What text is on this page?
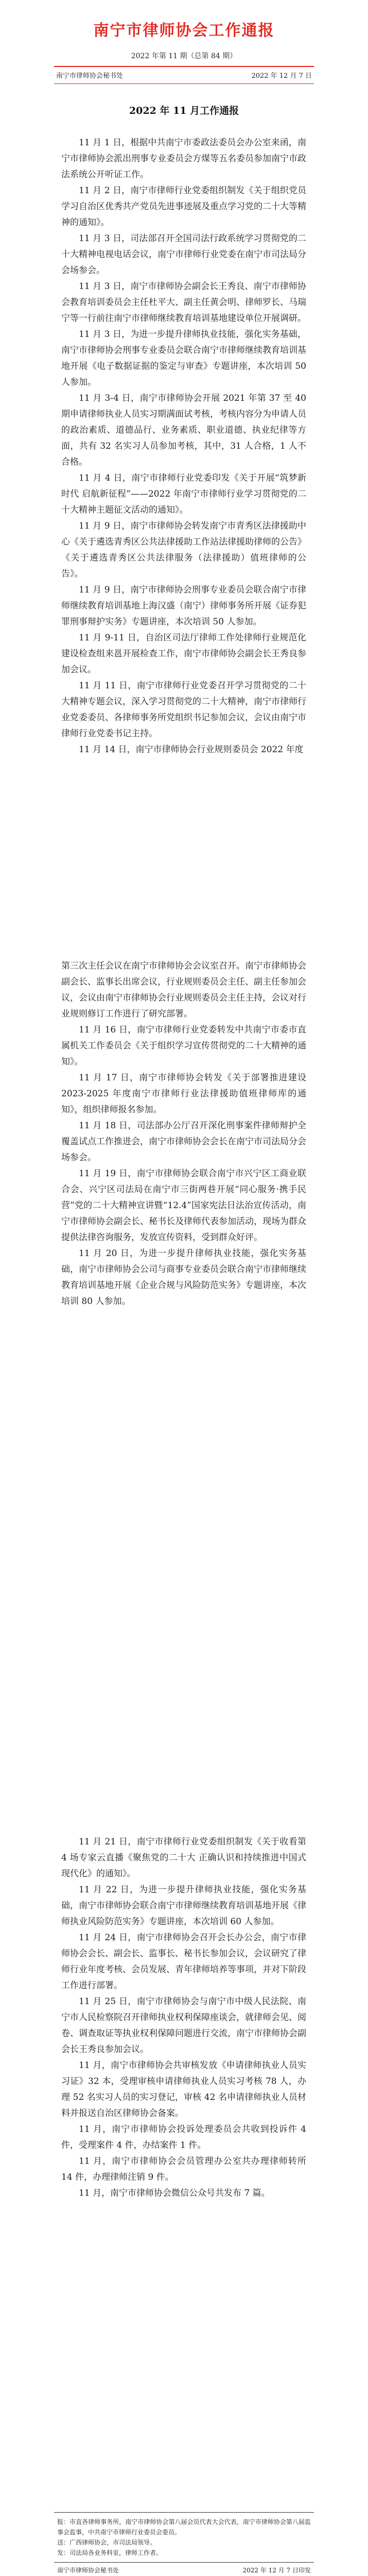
南宁市律师协会工作通报
2022 年第 11 期（总第 84 期）
南宁市律师协会秘书处	2022 年 12 月 7 日
2022 年 11 月工作通报

11 月 1 日，根据中共南宁市委政法委员会办公室来函，南宁市律师协会派出刑事专业委员会方煤等五名委员参加南宁市政法系统公开听证工作。

11 月 2 日，南宁市律师行业党委组织制发《关于组织党员学习自治区优秀共产党员先进事迹展及重点学习党的二十大等精神的通知》。

11 月 3 日，司法部召开全国司法行政系统学习贯彻党的二十大精神电视电话会议，南宁市律师行业党委在南宁市司法局分会场参会。

11 月 3 日，南宁市律师协会副会长王秀良、南宁市律师协会教育培训委员会主任杜平大、副主任黄会明、律师罗长、马瑞宁等一行前往南宁市律师继续教育培训基地建设单位开展调研。

11 月 3 日，为进一步提升律师执业技能，强化实务基础，南宁市律师协会刑事专业委员会联合南宁市律师继续教育培训基地开展《电子数据证据的鉴定与审查》专题讲座，本次培训 50 人参加。

11 月 3-4 日，南宁市律师协会开展 2021 年第 37 至 40 期申请律师执业人员实习期满面试考核，考核内容分为申请人员的政治素质、道德品行、业务素质、职业道德、执业纪律等方面，共有 32 名实习人员参加考核，其中，31 人合格，1 人不合格。

11 月 4 日，南宁市律师行业党委印发《关于开展“筑梦新时代 启航新征程”——2022 年南宁市律师行业学习贯彻党的二十大精神主题征文活动的通知》。

11 月 9 日，南宁市律师协会转发南宁市青秀区法律援助中心《关于遴选青秀区公共法律援助工作站法律援助律师的公告》《关于遴选青秀区公共法律服务（法律援助）值班律师的公告》。

11 月 9 日，南宁市律师协会刑事专业委员会联合南宁市律师继续教育培训基地上海汉盛（南宁）律师事务所开展《证券犯罪刑事辩护实务》专题讲座，本次培训 50 人参加。

11 月 9-11 日，自治区司法厅律师工作处律师行业规范化建设检查组来邕开展检查工作，南宁市律师协会副会长王秀良参加会议。

11 月 11 日，南宁市律师行业党委召开学习贯彻党的二十大精神专题会议，深入学习贯彻党的二十大精神，南宁市律师行业党委委员、各律师事务所党组织书记参加会议，会议由南宁市律师行业党委书记主持。

11 月 14 日，南宁市律师协会行业规则委员会 2022 年度

第三次主任会议在南宁市律师协会会议室召开。南宁市律师协会副会长、监事长出席会议，行业规则委员会主任、副主任参加会议，会议由南宁市律师协会行业规则委员会主任主持，会议对行业规则修订工作进行了研究部署。

11 月 16 日，南宁市律师行业党委转发中共南宁市委市直属机关工作委员会《关于组织学习宣传贯彻党的二十大精神的通知》。

11 月 17 日，南宁市律师协会转发《关于部署推进建设 2023-2025 年度南宁市律师行业法律援助值班律师库的通知》，组织律师报名参加。

11 月 18 日，司法部办公厅召开深化刑事案件律师辩护全覆盖试点工作推进会，南宁市律师协会会长在南宁市司法局分会场参会。

11 月 19 日，南宁市律师协会联合南宁市兴宁区工商业联合会、兴宁区司法局在南宁市三街两巷开展“同心服务·携手民营”党的二十大精神宣讲暨“12.4”国家宪法日法治宣传活动，南宁市律师协会副会长、秘书长及律师代表参加活动，现场为群众提供法律咨询服务，发放宣传资料，受到群众好评。

11 月 20 日，为进一步提升律师执业技能，强化实务基础，南宁市律师协会公司与商事专业委员会联合南宁市律师继续教育培训基地开展《企业合规与风险防范实务》专题讲座，本次培训 80 人参加。

11 月 21 日，南宁市律师行业党委组织制发《关于收看第 4 场专家云直播《聚焦党的二十大 正确认识和持续推进中国式现代化》的通知》。

11 月 22 日，为进一步提升律师执业技能，强化实务基础，南宁市律师协会联合南宁市律师继续教育培训基地开展《律师执业风险防范实务》专题讲座，本次培训 60 人参加。

11 月 24 日，南宁市律师协会召开会长办公会，南宁市律师协会会长、副会长、监事长、秘书长参加会议，会议研究了律师行业年度考核、会员发展、青年律师培养等事项，并对下阶段工作进行部署。

11 月 25 日，南宁市律师协会与南宁市中级人民法院、南宁市人民检察院召开律师执业权利保障座谈会，就律师会见、阅卷、调查取证等执业权利保障问题进行交流，南宁市律师协会副会长王秀良参加会议。

11 月，南宁市律师协会共审核发放《申请律师执业人员实习证》32 本，受理审核申请律师执业人员实习考核 78 人，办理 52 名实习人员的实习登记，审核 42 名申请律师执业人员材料并报送自治区律师协会备案。

11 月，南宁市律师协会投诉处理委员会共收到投诉件 4 件，受理案件 4 件，办结案件 1 件。

11 月，南宁市律师协会会员管理办公室共办理律师转所 14 件，办理律师注销 9 件。

11 月，南宁市律师协会微信公众号共发布 7 篇。

报：市直各律师事务所，南宁市律师协会第八届会员代表大会代表，南宁市律师协会第八届监事会监事，中共南宁市律师行业委员会委员。
送：广西律师协会，市司法局领导。
发：司法局各业务科室，律师工作者。
南宁市律师协会秘书处	2022 年 12 月 7 日印发
